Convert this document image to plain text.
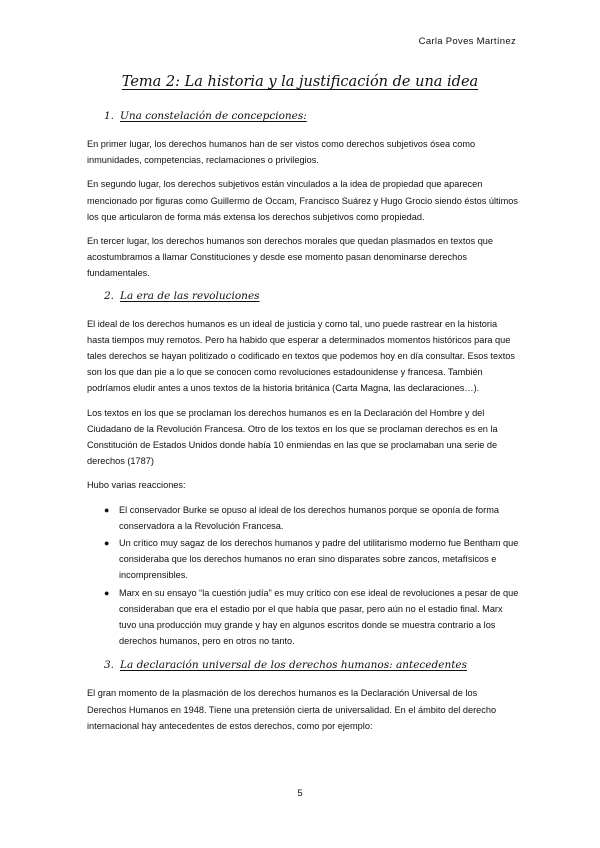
Carla Poves Martínez
Tema 2: La historia y la justificación de una idea
1. Una constelación de concepciones:

En primer lugar, los derechos humanos han de ser vistos como derechos subjetivos ósea como inmunidades, competencias, reclamaciones o privilegios.

En segundo lugar, los derechos subjetivos están vinculados a la idea de propiedad que aparecen mencionado por figuras como Guillermo de Occam, Francisco Suárez y Hugo Grocio siendo éstos últimos los que articularon de forma más extensa los derechos subjetivos como propiedad.

En tercer lugar, los derechos humanos son derechos morales que quedan plasmados en textos que acostumbramos a llamar Constituciones y desde ese momento pasan denominarse derechos fundamentales.

2. La era de las revoluciones

El ideal de los derechos humanos es un ideal de justicia y como tal, uno puede rastrear en la historia hasta tiempos muy remotos. Pero ha habido que esperar a determinados momentos históricos para que tales derechos se hayan politizado o codificado en textos que podemos hoy en día consultar. Esos textos son los que dan pie a lo que se conocen como revoluciones estadounidense y francesa. También podríamos eludir antes a unos textos de la historia británica (Carta Magna, las declaraciones…).

Los textos en los que se proclaman los derechos humanos es en la Declaración del Hombre y del Ciudadano de la Revolución Francesa. Otro de los textos en los que se proclaman derechos es en la Constitución de Estados Unidos donde había 10 enmiendas en las que se proclamaban una serie de derechos (1787)

Hubo varias reacciones:

● El conservador Burke se opuso al ideal de los derechos humanos porque se oponía de forma conservadora a la Revolución Francesa.
● Un crítico muy sagaz de los derechos humanos y padre del utilitarismo moderno fue Bentham que consideraba que los derechos humanos no eran sino disparates sobre zancos, metafísicos e incomprensibles.
● Marx en su ensayo “la cuestión judía” es muy crítico con ese ideal de revoluciones a pesar de que consideraban que era el estadio por el que había que pasar, pero aún no el estadio final. Marx tuvo una producción muy grande y hay en algunos escritos donde se muestra contrario a los derechos humanos, pero en otros no tanto.
3. La declaración universal de los derechos humanos: antecedentes

El gran momento de la plasmación de los derechos humanos es la Declaración Universal de los Derechos Humanos en 1948. Tiene una pretensión cierta de universalidad. En el ámbito del derecho internacional hay antecedentes de estos derechos, como por ejemplo:

5
